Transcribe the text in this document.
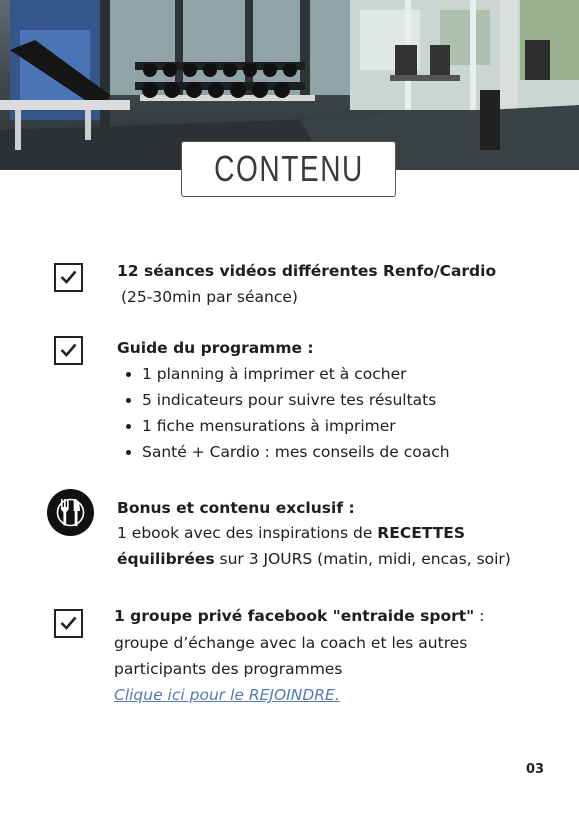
CONTENU
12 séances vidéos différentes Renfo/Cardio
(25-30min par séance)
Guide du programme :
• 1 planning à imprimer et à cocher
• 5 indicateurs pour suivre tes résultats
• 1 fiche mensurations à imprimer
• Santé + Cardio : mes conseils de coach
Bonus et contenu exclusif :
1 ebook avec des inspirations de RECETTES
équilibrées sur 3 JOURS (matin, midi, encas, soir)
1 groupe privé facebook "entraide sport" :
groupe d’échange avec la coach et les autres
participants des programmes
Clique ici pour le REJOINDRE.
03
